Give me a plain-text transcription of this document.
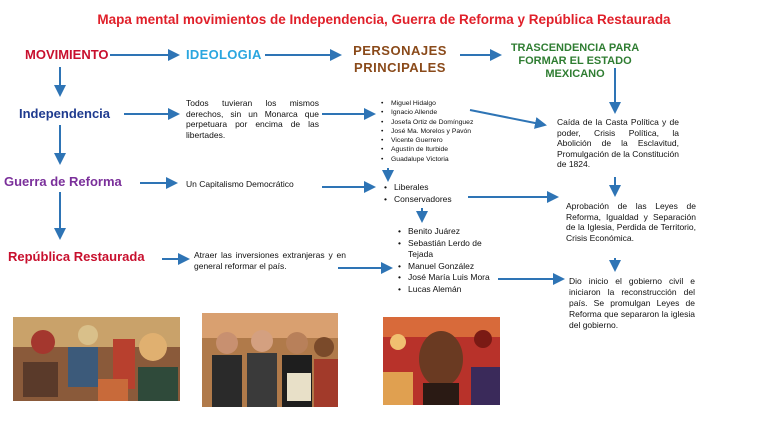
Mapa mental movimientos de Independencia, Guerra de Reforma y República Restaurada
MOVIMIENTO	IDEOLOGIA	PERSONAJES
PRINCIPALES
TRASCENDENCIA PARA FORMAR EL ESTADO MEXICANO
Independencia
Guerra de Reforma
República Restaurada
Todos tuvieran los mismos derechos, sin un Monarca que perpetuara por encima de las libertades.
Un Capitalismo Democrático
Atraer las inversiones extranjeras y en general reformar el país.
• Miguel Hidalgo
• Ignacio Allende
• Josefa Ortiz de Domínguez
• José Ma. Morelos y Pavón
• Vicente Guerrero
• Agustín de Iturbide
• Guadalupe Victoria
• Liberales
• Conservadores
• Benito Juárez
• Sebastián Lerdo de Tejada
• Manuel González
• José María Luis Mora
• Lucas Alemán
Caída de la Casta Política y de poder, Crisis Política, la Abolición de la Esclavitud, Promulgación de la Constitución de 1824.
Aprobación de las Leyes de Reforma, Igualdad y Separación de la Iglesia, Perdida de Territorio, Crisis Económica.
Dio inicio el gobierno civil e iniciaron la reconstrucción del país. Se promulgan Leyes de Reforma que separaron la iglesia del gobierno.
